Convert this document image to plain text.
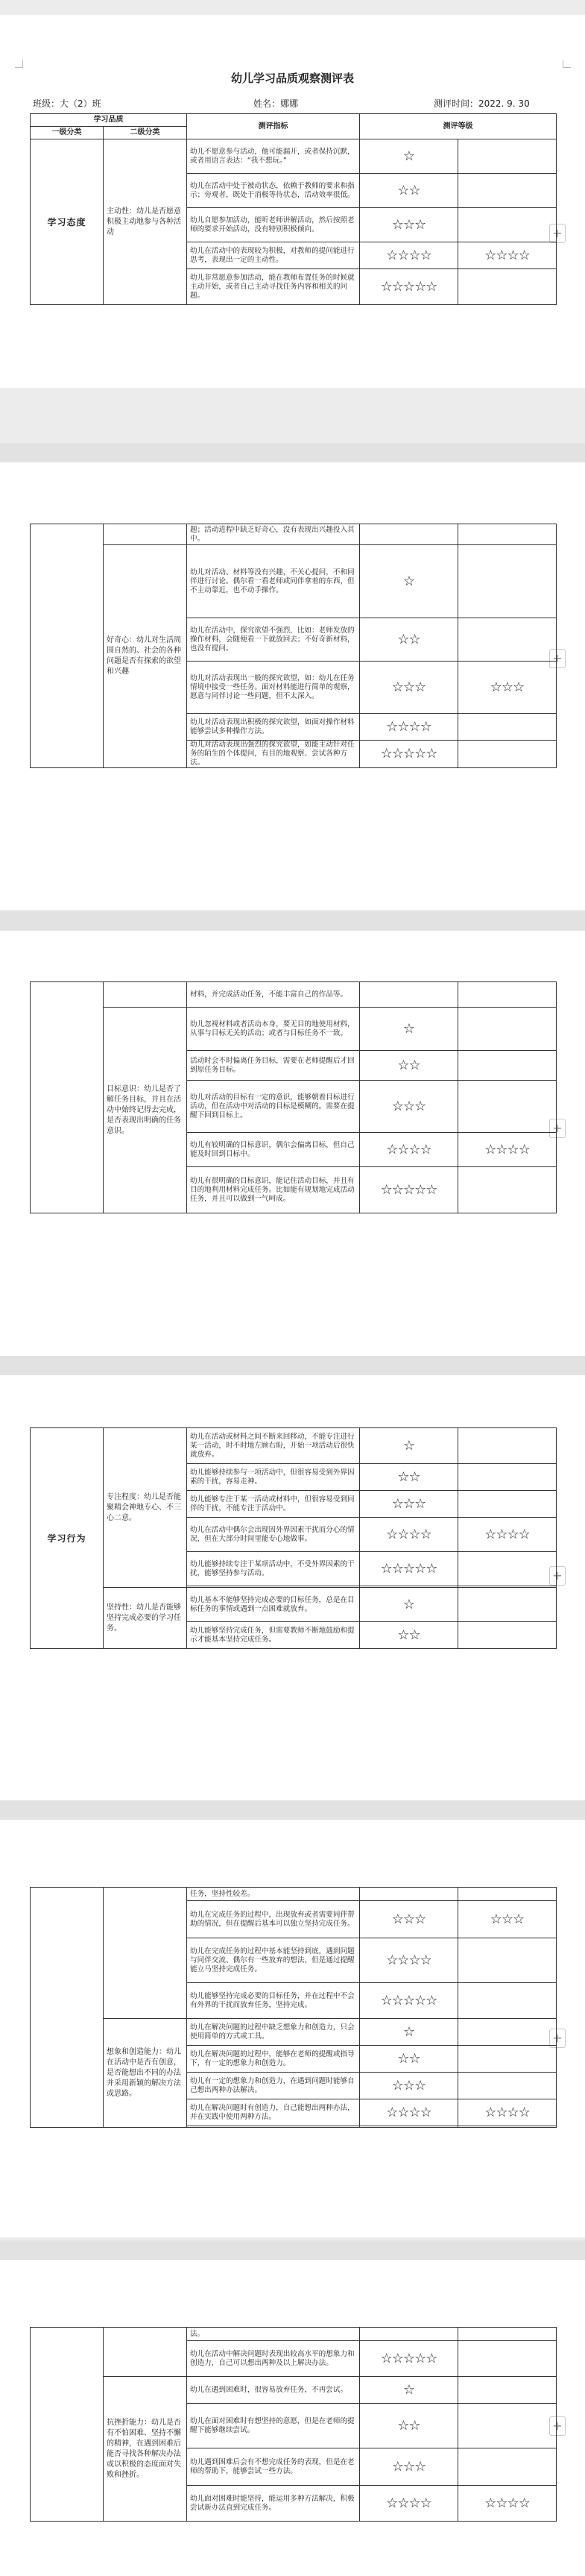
幼儿学习品质观察测评表
班级：大（2）班	姓名：娜娜	测评时间：2022. 9. 30
+
学习品质		测评指标	测评等级	
一级分类	二级分类			
学习态度	主动性：幼儿是否愿意积极主动地参与各种活动	幼儿不愿意参与活动，他可能漏开，或者保持沉默，或者用语言表达：“我不想玩。”	☆	
		幼儿在活动中处于被动状态，依赖于教师的要求和指示；旁观者，既处于消极等待状态，活动效率很低。	☆☆	
		幼儿自愿参加活动，能听老师讲解活动，然后按照老师的要求开始活动，没有特别积极倾向。	☆☆☆	
		幼儿在活动中的表现较为积极，对教师的提问能进行思考，表现出一定的主动性。	☆☆☆☆	☆☆☆☆
		幼儿非常愿意参加活动，能在教师布置任务的时候就主动开始，或者自己主动寻找任务内容和相关的问题。	☆☆☆☆☆	
+
		题；活动进程中缺乏好奇心，没有表现出兴趣投入其中。		
	好奇心：幼儿对生活周围自然的、社会的各种问题是否有探索的欲望和兴趣	幼儿对活动、材料等没有兴趣，不关心提问，不和同伴进行讨论。偶尔看一看老师或同伴拿着的东西，但不主动靠近，也不动手操作。	☆	
		幼儿在活动中，探究欲望不强烈，比如：老师发放的操作材料，会随便看一下就放回去；不好奇新材料，也没有提问。	☆☆	
		幼儿对活动表现出一般的探究欲望，如：幼儿在任务情境中接受一些任务。面对材料能进行简单的观察，愿意与同伴讨论一些问题，但不太深入。	☆☆☆	☆☆☆
		幼儿对活动表现出积极的探究欲望，如面对操作材料能够尝试多种操作方法。	☆☆☆☆	
		幼儿对活动表现出强烈的探究欲望，如能主动针对任务的陌生的个体提问，有目的地观察、尝试各种方法。	☆☆☆☆☆	
+
		材料，并完成活动任务，不能丰富自己的作品等。		
	目标意识：幼儿是否了解任务目标，并且在活动中始终记得去完成，是否表现出明确的任务意识。	幼儿忽视材料或者活动本身，要无目的地使用材料，从事与目标无关的活动；或者与目标任务不一致。	☆	
		活动时会不时偏离任务目标，需要在老师提醒后才回到原任务目标。	☆☆	
		幼儿对活动的目标有一定的意识，能够朝着目标进行活动，但在活动中对活动的目标是模糊的。需要在提醒下回到目标上。	☆☆☆	
		幼儿有较明确的目标意识，偶尔会偏离目标，但自己能及时回到目标中。	☆☆☆☆	☆☆☆☆
		幼儿有很明确的目标意识，能记住活动目标，并且有目的地利用材料完成任务。比如能有规划地完成活动任务，并且可以做到一气呵成。	☆☆☆☆☆	
+
学习行为	专注程度：幼儿是否能聚精会神地专心、不三心二意。	幼儿在活动或材料之间不断来回移动，不能专注进行某一活动，时不时地左顾右盼，开始一项活动后很快就放弃。	☆	
		幼儿能够持续参与一项活动中，但很容易受到外界因素的干扰，容易走神。	☆☆	
		幼儿能够专注于某一活动或材料中，但很容易受到同伴的干扰，不能专注于活动中。	☆☆☆	
		幼儿在活动中偶尔会出现因外界因素干扰而分心的情况，但在大部分时间里能专心地做事。	☆☆☆☆	☆☆☆☆
		幼儿能够持续专注于某项活动中，不受外界因素的干扰，能够坚持参与活动。	☆☆☆☆☆	

	坚持性：幼儿是否能够坚持完成必要的学习任务。	幼儿基本不能够坚持完成必要的目标任务，总是在目标任务的事情或遇到一点困难就放弃。	☆	
		幼儿能够坚持完成任务，但需要教师不断地鼓励和提示才能基本坚持完成任务。	☆☆	
+
		任务，坚持性较差。		
		幼儿在完成任务的过程中，出现放弃或者需要同伴帮助的情况，但在提醒后基本可以独立坚持完成任务。	☆☆☆	☆☆☆
		幼儿在完成任务的过程中基本能坚持到底，遇到问题与同伴交流、偶尔有一些放弃的想法，但是通过提醒能立马坚持完成任务。	☆☆☆☆	
		幼儿能够坚持完成必要的目标任务，并在过程中不会有外界的干扰而放弃任务，坚持完成。	☆☆☆☆☆	
	想象和创造能力：幼儿在活动中是否有创意，是否能想出不同的办法并采用新颖的解决方法或思路。	幼儿在解决问题的过程中缺乏想象力和创造力，只会使用简单的方式或工具。	☆	
		幼儿在解决问题的过程中，能够在老师的提醒或指导下，有一定的想象力和创造力。	☆☆	
		幼儿有一定的想象力和创造力，在遇到问题时能够自己想出两种办法解决。	☆☆☆	
		幼儿在解决问题时有创造力，自己能想出两种办法，并在实践中使用两种方法。	☆☆☆☆	☆☆☆☆

+
		法。		
		幼儿在活动中解决问题时表现出较高水平的想象力和创造力，自己可以想出两种及以上解决办法。	☆☆☆☆☆	
	抗挫折能力：幼儿是否有不怕困难、坚持不懈的精神，在遇到困难后能否寻找各种解决办法或以积极的态度面对失败和挫折。	幼儿在遇到困难时，很容易放弃任务，不再尝试。	☆	
		幼儿在面对困难时有想坚持的意愿，但是在老师的提醒下能够继续尝试。	☆☆	
		幼儿遇到困难后会有不想完成任务的表现，但是在老师的帮助下，能够尝试一些方法。	☆☆☆	
		幼儿面对困难时能坚持，能运用多种方法解决，积极尝试新办法直到完成任务。	☆☆☆☆	☆☆☆☆
